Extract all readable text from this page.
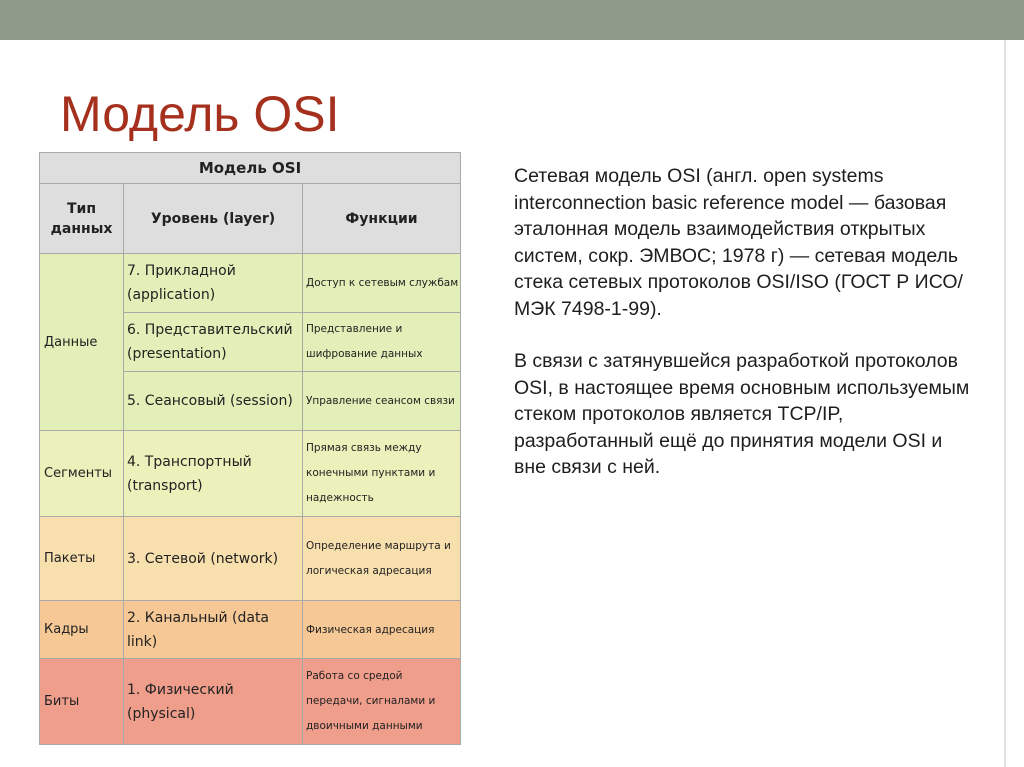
Модель OSI
Модель OSI		
Тип данных	Уровень (layer)	Функции
Данные	7. Прикладной (application)	Доступ к сетевым службам
	6. Представительский (presentation)	Представление и шифрование данных
	5. Сеансовый (session)	Управление сеансом связи
Сегменты	4. Транспортный (transport)	Прямая связь между конечными пунктами и надежность
Пакеты	3. Сетевой (network)	Определение маршрута и логическая адресация
Кадры	2. Канальный (data link)	Физическая адресация
Биты	1. Физический (physical)	Работа со средой передачи, сигналами и двоичными данными

Сетевая модель OSI (англ. open systems interconnection basic reference model — базовая эталонная модель взаимодействия открытых систем, сокр. ЭМВОС; 1978 г) — сетевая модель стека сетевых протоколов OSI/ISO (ГОСТ Р ИСО/МЭК 7498-1-99).

В связи с затянувшейся разработкой протоколов OSI, в настоящее время основным используемым стеком протоколов является TCP/IP, разработанный ещё до принятия модели OSI и вне связи с ней.
